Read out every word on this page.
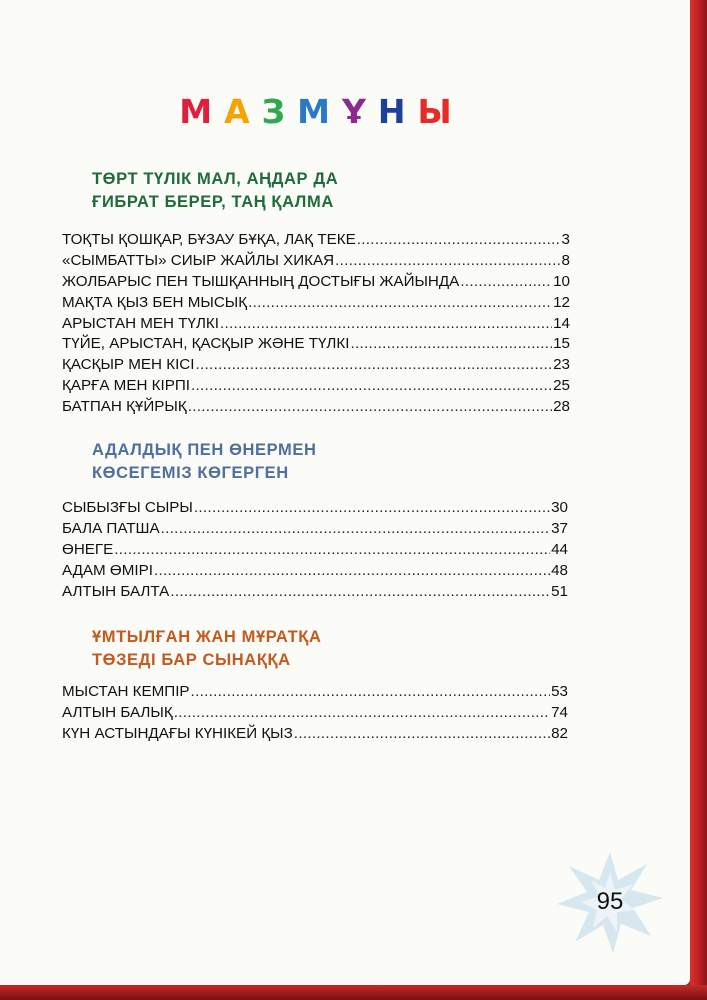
МАЗМҰНЫ
ТӨРТ ТҮЛІК МАЛ, АҢДАР ДА
ҒИБРАТ БЕРЕР, ТАҢ ҚАЛМА
ТОҚТЫ ҚОШҚАР, БҰЗАУ БҰҚА, ЛАҚ ТЕКЕ .....	3
«СЫМБАТТЫ» СИЫР ЖАЙЛЫ ХИКАЯ .....	8
ЖОЛБАРЫС ПЕН ТЫШҚАННЫҢ ДОСТЫҒЫ ЖАЙЫНДА .....	10
МАҚТА ҚЫЗ БЕН МЫСЫҚ .....	12
АРЫСТАН МЕН ТҮЛКІ .....	14
ТҮЙЕ, АРЫСТАН, ҚАСҚЫР ЖӘНЕ ТҮЛКІ .....	15
ҚАСҚЫР МЕН КІСІ .....	23
ҚАРҒА МЕН КІРПІ .....	25
БАТПАН ҚҰЙРЫҚ .....	28
АДАЛДЫҚ ПЕН ӨНЕРМЕН
КӨСЕГЕМІЗ КӨГЕРГЕН
СЫБЫЗҒЫ СЫРЫ .....	30
БАЛА ПАТША .....	37
ӨНЕГЕ .....	44
АДАМ ӨМІРІ .....	48
АЛТЫН БАЛТА .....	51
ҰМТЫЛҒАН ЖАН МҰРАТҚА
ТӨЗЕДІ БАР СЫНАҚҚА
МЫСТАН КЕМПІР .....	53
АЛТЫН БАЛЫҚ .....	74
КҮН АСТЫНДАҒЫ КҮНІКЕЙ ҚЫЗ .....	82
95
